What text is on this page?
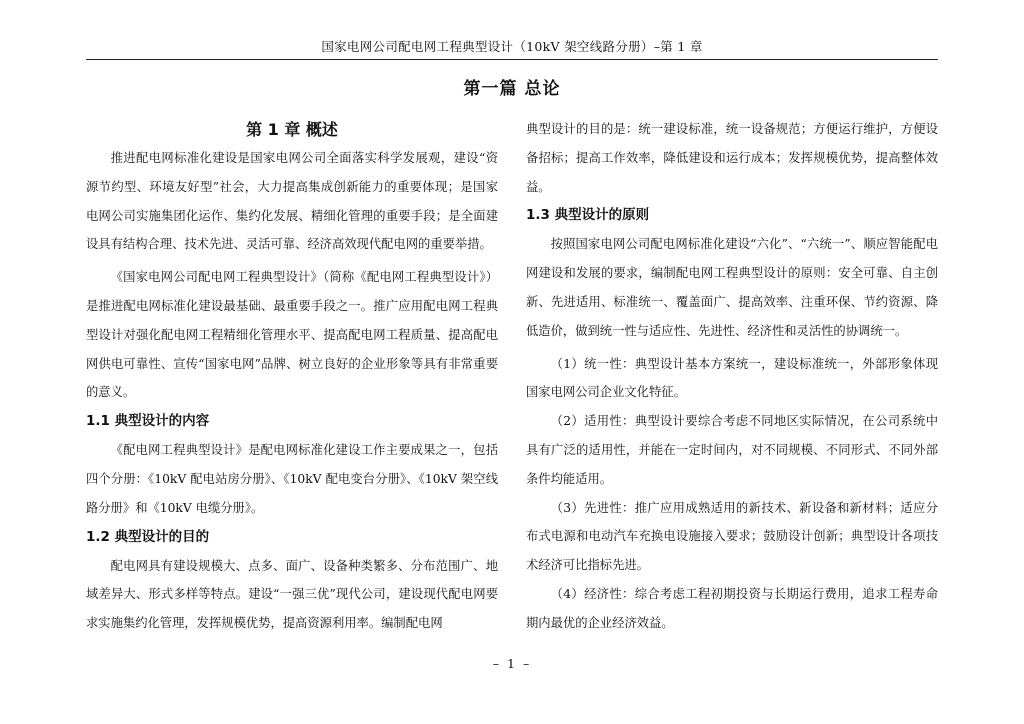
国家电网公司配电网工程典型设计（10kV 架空线路分册）–第 1 章
第一篇 总论
第 1 章 概述

推进配电网标准化建设是国家电网公司全面落实科学发展观，建设“资源节约型、环境友好型”社会，大力提高集成创新能力的重要体现；是国家电网公司实施集团化运作、集约化发展、精细化管理的重要手段；是全面建设具有结构合理、技术先进、灵活可靠、经济高效现代配电网的重要举措。

《国家电网公司配电网工程典型设计》（简称《配电网工程典型设计》）是推进配电网标准化建设最基础、最重要手段之一。推广应用配电网工程典型设计对强化配电网工程精细化管理水平、提高配电网工程质量、提高配电网供电可靠性、宣传“国家电网”品牌、树立良好的企业形象等具有非常重要的意义。

1.1 典型设计的内容

《配电网工程典型设计》是配电网标准化建设工作主要成果之一，包括四个分册：《10kV 配电站房分册》、《10kV 配电变台分册》、《10kV 架空线路分册》和《10kV 电缆分册》。

1.2 典型设计的目的

配电网具有建设规模大、点多、面广、设备种类繁多、分布范围广、地域差异大、形式多样等特点。建设“一强三优”现代公司，建设现代配电网要求实施集约化管理，发挥规模优势，提高资源利用率。编制配电网

典型设计的目的是：统一建设标准，统一设备规范；方便运行维护，方便设备招标；提高工作效率，降低建设和运行成本；发挥规模优势，提高整体效益。

1.3 典型设计的原则

按照国家电网公司配电网标准化建设“六化”、“六统一”、顺应智能配电网建设和发展的要求，编制配电网工程典型设计的原则：安全可靠、自主创新、先进适用、标准统一、覆盖面广、提高效率、注重环保、节约资源、降低造价，做到统一性与适应性、先进性、经济性和灵活性的协调统一。

（1）统一性：典型设计基本方案统一，建设标准统一，外部形象体现国家电网公司企业文化特征。

（2）适用性：典型设计要综合考虑不同地区实际情况，在公司系统中具有广泛的适用性，并能在一定时间内，对不同规模、不同形式、不同外部条件均能适用。

（3）先进性：推广应用成熟适用的新技术、新设备和新材料；适应分布式电源和电动汽车充换电设施接入要求；鼓励设计创新；典型设计各项技术经济可比指标先进。

（4）经济性：综合考虑工程初期投资与长期运行费用，追求工程寿命期内最优的企业经济效益。

– 1 –
